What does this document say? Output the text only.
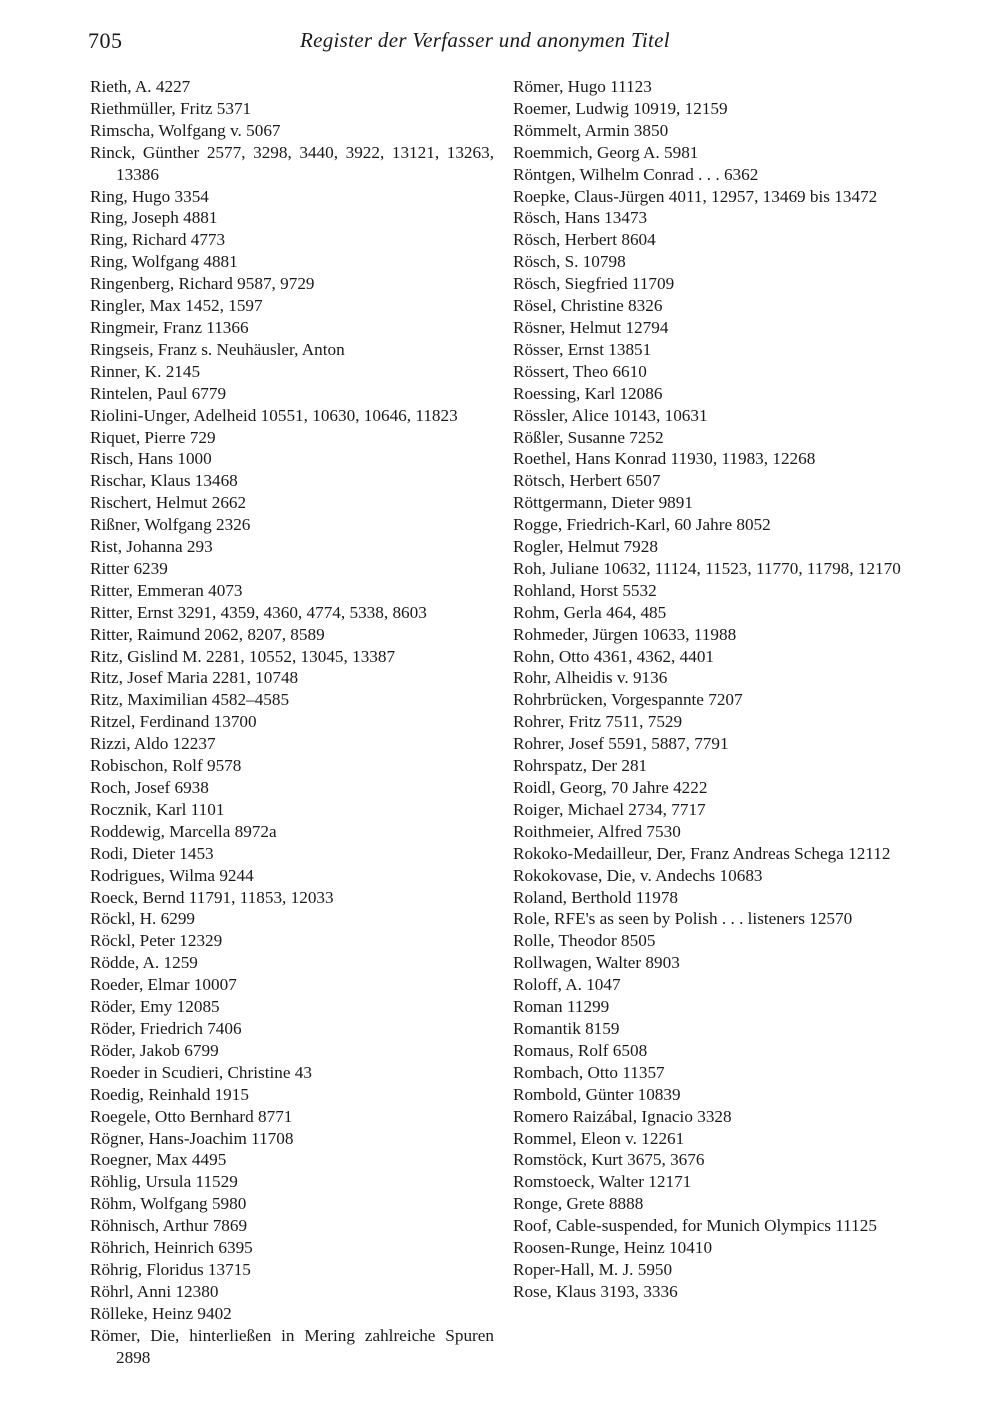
705	Register der Verfasser und anonymen Titel
Rieth, A. 4227
Riethmüller, Fritz 5371
Rimscha, Wolfgang v. 5067
Rinck, Günther 2577, 3298, 3440, 3922, 13121, 13263, 13386
Ring, Hugo 3354
Ring, Joseph 4881
Ring, Richard 4773
Ring, Wolfgang 4881
Ringenberg, Richard 9587, 9729
Ringler, Max 1452, 1597
Ringmeir, Franz 11366
Ringseis, Franz s. Neuhäusler, Anton
Rinner, K. 2145
Rintelen, Paul 6779
Riolini-Unger, Adelheid 10551, 10630, 10646, 11823
Riquet, Pierre 729
Risch, Hans 1000
Rischar, Klaus 13468
Rischert, Helmut 2662
Rißner, Wolfgang 2326
Rist, Johanna 293
Ritter 6239
Ritter, Emmeran 4073
Ritter, Ernst 3291, 4359, 4360, 4774, 5338, 8603
Ritter, Raimund 2062, 8207, 8589
Ritz, Gislind M. 2281, 10552, 13045, 13387
Ritz, Josef Maria 2281, 10748
Ritz, Maximilian 4582–4585
Ritzel, Ferdinand 13700
Rizzi, Aldo 12237
Robischon, Rolf 9578
Roch, Josef 6938
Rocznik, Karl 1101
Roddewig, Marcella 8972a
Rodi, Dieter 1453
Rodrigues, Wilma 9244
Roeck, Bernd 11791, 11853, 12033
Röckl, H. 6299
Röckl, Peter 12329
Rödde, A. 1259
Roeder, Elmar 10007
Röder, Emy 12085
Röder, Friedrich 7406
Röder, Jakob 6799
Roeder in Scudieri, Christine 43
Roedig, Reinhald 1915
Roegele, Otto Bernhard 8771
Rögner, Hans-Joachim 11708
Roegner, Max 4495
Röhlig, Ursula 11529
Röhm, Wolfgang 5980
Röhnisch, Arthur 7869
Röhrich, Heinrich 6395
Röhrig, Floridus 13715
Röhrl, Anni 12380
Rölleke, Heinz 9402
Römer, Die, hinterließen in Mering zahlreiche Spuren 2898
Römer, Hugo 11123
Roemer, Ludwig 10919, 12159
Römmelt, Armin 3850
Roemmich, Georg A. 5981
Röntgen, Wilhelm Conrad . . . 6362
Roepke, Claus-Jürgen 4011, 12957, 13469 bis 13472
Rösch, Hans 13473
Rösch, Herbert 8604
Rösch, S. 10798
Rösch, Siegfried 11709
Rösel, Christine 8326
Rösner, Helmut 12794
Rösser, Ernst 13851
Rössert, Theo 6610
Roessing, Karl 12086
Rössler, Alice 10143, 10631
Rößler, Susanne 7252
Roethel, Hans Konrad 11930, 11983, 12268
Rötsch, Herbert 6507
Röttgermann, Dieter 9891
Rogge, Friedrich-Karl, 60 Jahre 8052
Rogler, Helmut 7928
Roh, Juliane 10632, 11124, 11523, 11770, 11798, 12170
Rohland, Horst 5532
Rohm, Gerla 464, 485
Rohmeder, Jürgen 10633, 11988
Rohn, Otto 4361, 4362, 4401
Rohr, Alheidis v. 9136
Rohrbrücken, Vorgespannte 7207
Rohrer, Fritz 7511, 7529
Rohrer, Josef 5591, 5887, 7791
Rohrspatz, Der 281
Roidl, Georg, 70 Jahre 4222
Roiger, Michael 2734, 7717
Roithmeier, Alfred 7530
Rokoko-Medailleur, Der, Franz Andreas Schega 12112
Rokokovase, Die, v. Andechs 10683
Roland, Berthold 11978
Role, RFE's as seen by Polish . . . listeners 12570
Rolle, Theodor 8505
Rollwagen, Walter 8903
Roloff, A. 1047
Roman 11299
Romantik 8159
Romaus, Rolf 6508
Rombach, Otto 11357
Rombold, Günter 10839
Romero Raizábal, Ignacio 3328
Rommel, Eleon v. 12261
Romstöck, Kurt 3675, 3676
Romstoeck, Walter 12171
Ronge, Grete 8888
Roof, Cable-suspended, for Munich Olympics 11125
Roosen-Runge, Heinz 10410
Roper-Hall, M. J. 5950
Rose, Klaus 3193, 3336
